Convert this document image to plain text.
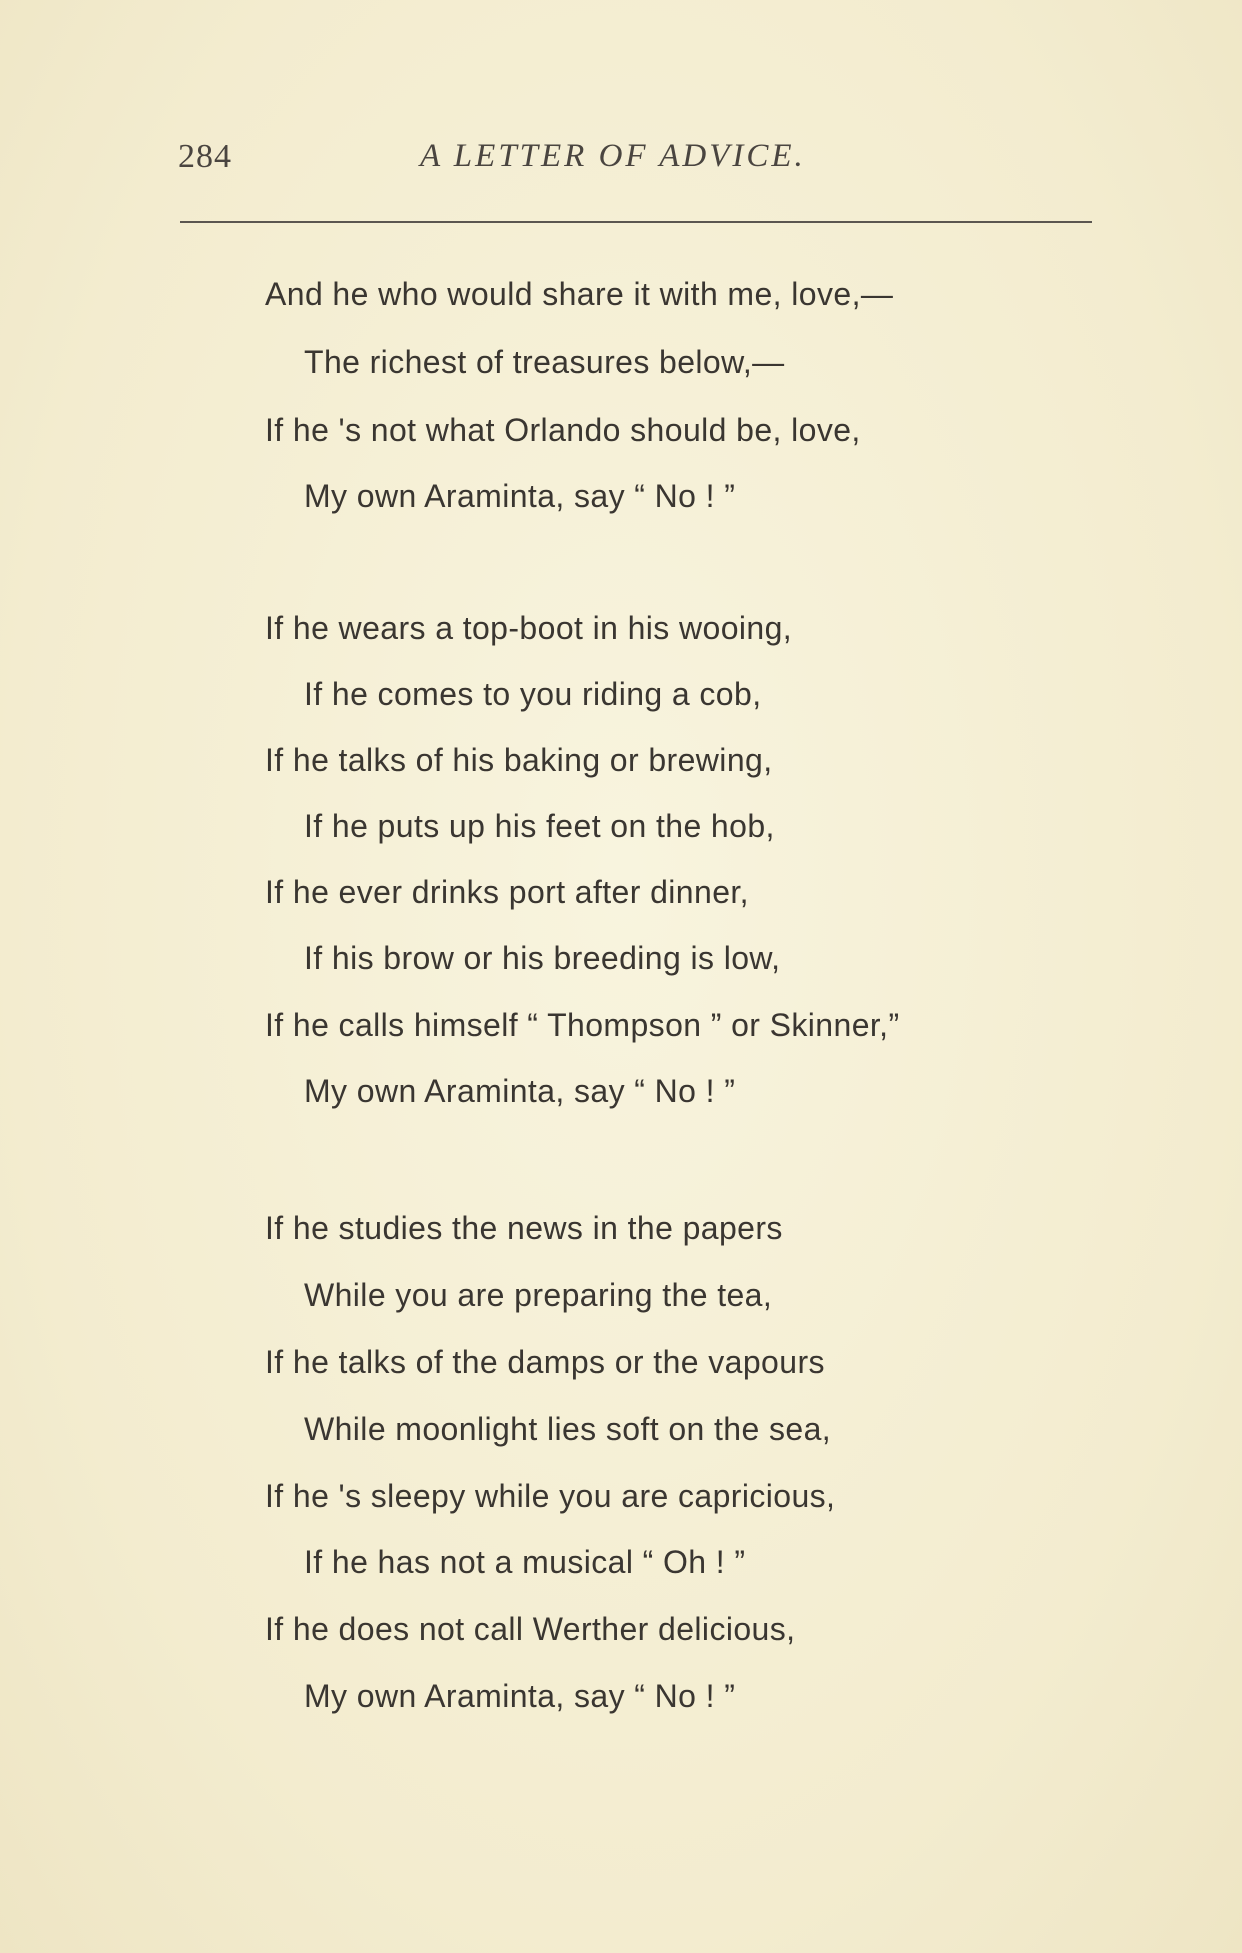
284	A LETTER OF ADVICE.
And he who would share it with me, love,—
The richest of treasures below,—
If he 's not what Orlando should be, love,
My own Araminta, say “ No ! ”
If he wears a top-boot in his wooing,
If he comes to you riding a cob,
If he talks of his baking or brewing,
If he puts up his feet on the hob,
If he ever drinks port after dinner,
If his brow or his breeding is low,
If he calls himself “ Thompson ” or Skinner,”
My own Araminta, say “ No ! ”
If he studies the news in the papers
While you are preparing the tea,
If he talks of the damps or the vapours
While moonlight lies soft on the sea,
If he 's sleepy while you are capricious,
If he has not a musical “ Oh ! ”
If he does not call Werther delicious,
My own Araminta, say “ No ! ”
